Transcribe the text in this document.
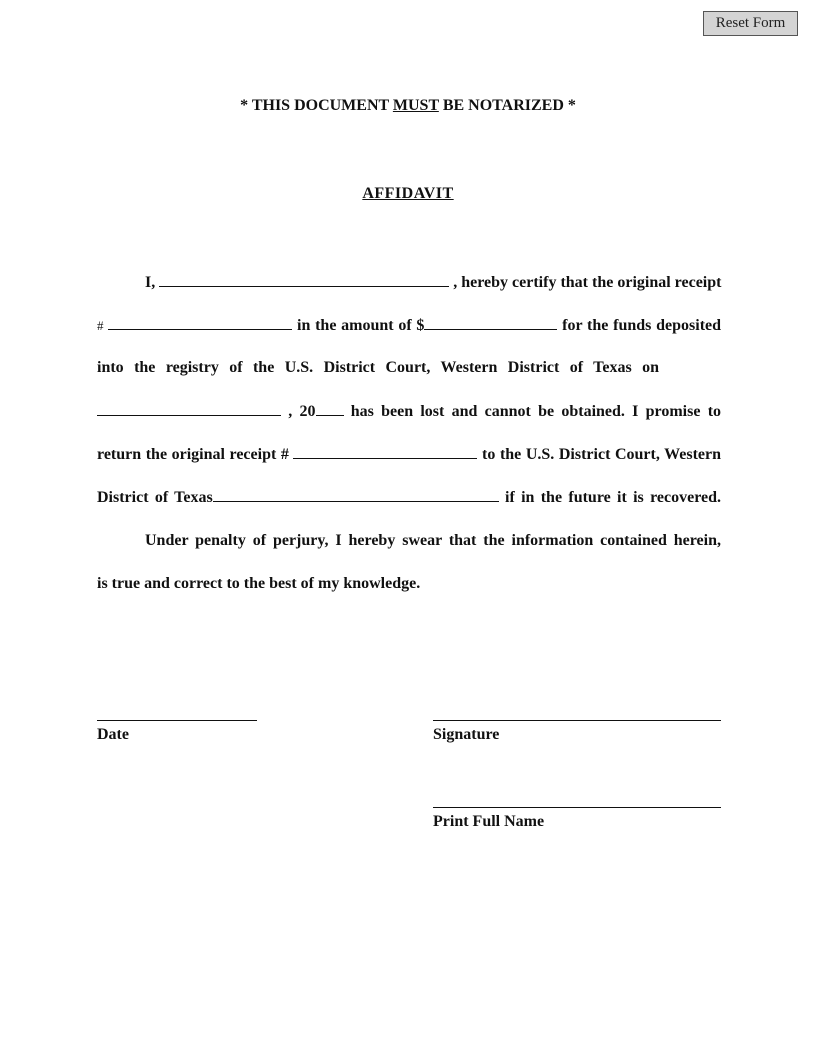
Reset Form
* THIS DOCUMENT MUST BE NOTARIZED *
AFFIDAVIT
I,	, hereby certify that the original receipt
#	in the amount of $	for the funds deposited
into the registry of the U.S. District Court, Western District of Texas on
, 20 has been lost and cannot be obtained. I promise to
return the original receipt #	to the U.S. District Court, Western
District of Texas	if in the future it is recovered.
Under penalty of perjury, I hereby swear that the information contained herein,
is true and correct to the best of my knowledge.
Date	Signature
Print Full Name
